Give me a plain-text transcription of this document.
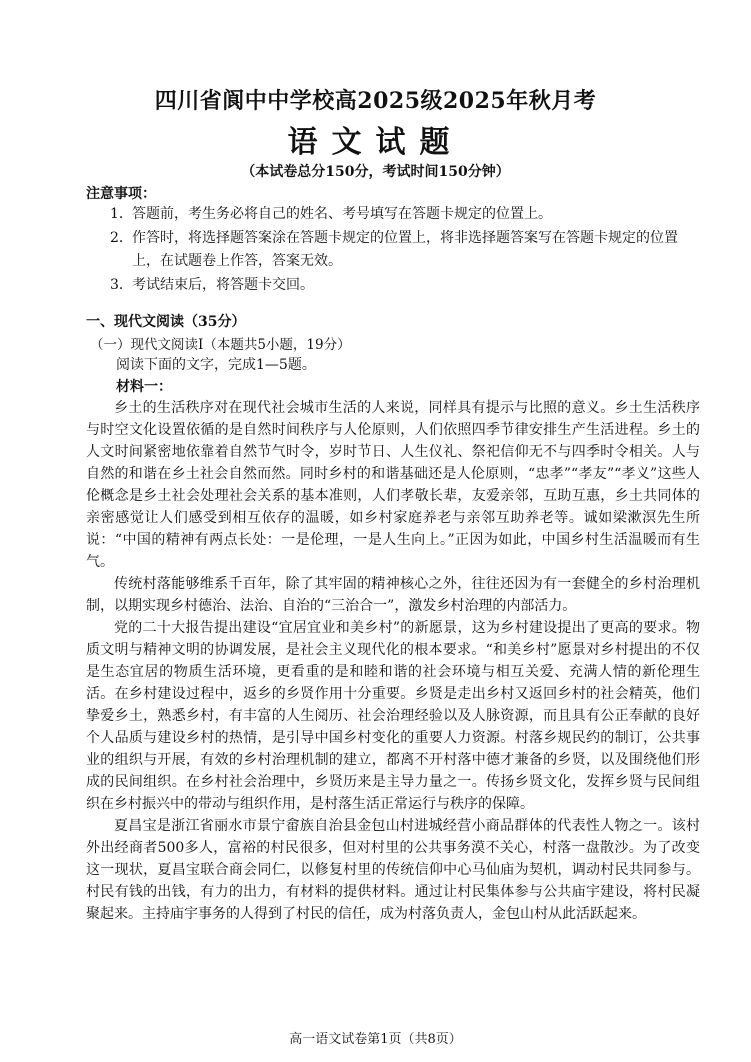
四川省阆中中学校高2025级2025年秋月考
语文试题
（本试卷总分150分，考试时间150分钟）
注意事项：
1． 答题前，考生务必将自己的姓名、考号填写在答题卡规定的位置上。
2． 作答时，将选择题答案涂在答题卡规定的位置上，将非选择题答案写在答题卡规定的位置上，在试题卷上作答，答案无效。
3． 考试结束后，将答题卡交回。
一、现代文阅读（35分）
（一）现代文阅读Ⅰ（本题共5小题，19分）
阅读下面的文字，完成1—5题。
材料一：

乡土的生活秩序对在现代社会城市生活的人来说，同样具有提示与比照的意义。乡土生活秩序与时空文化设置依循的是自然时间秩序与人伦原则，人们依照四季节律安排生产生活进程。乡土的人文时间紧密地依靠着自然节气时令，岁时节日、人生仪礼、祭祀信仰无不与四季时令相关。人与自然的和谐在乡土社会自然而然。同时乡村的和谐基础还是人伦原则，“忠孝”“孝友”“孝义”这些人伦概念是乡土社会处理社会关系的基本准则，人们孝敬长辈，友爱亲邻，互助互惠，乡土共同体的亲密感觉让人们感受到相互依存的温暖，如乡村家庭养老与亲邻互助养老等。诚如梁漱溟先生所说：“中国的精神有两点长处：一是伦理，一是人生向上。”正因为如此，中国乡村生活温暖而有生气。

传统村落能够维系千百年，除了其牢固的精神核心之外，往往还因为有一套健全的乡村治理机制，以期实现乡村德治、法治、自治的“三治合一”，激发乡村治理的内部活力。

党的二十大报告提出建设“宜居宜业和美乡村”的新愿景，这为乡村建设提出了更高的要求。物质文明与精神文明的协调发展，是社会主义现代化的根本要求。“和美乡村”愿景对乡村提出的不仅是生态宜居的物质生活环境，更看重的是和睦和谐的社会环境与相互关爱、充满人情的新伦理生活。在乡村建设过程中，返乡的乡贤作用十分重要。乡贤是走出乡村又返回乡村的社会精英，他们挚爱乡土，熟悉乡村，有丰富的人生阅历、社会治理经验以及人脉资源，而且具有公正奉献的良好个人品质与建设乡村的热情，是引导中国乡村变化的重要人力资源。村落乡规民约的制订，公共事业的组织与开展，有效的乡村治理机制的建立，都离不开村落中德才兼备的乡贤，以及围绕他们形成的民间组织。在乡村社会治理中，乡贤历来是主导力量之一。传扬乡贤文化，发挥乡贤与民间组织在乡村振兴中的带动与组织作用，是村落生活正常运行与秩序的保障。

夏昌宝是浙江省丽水市景宁畲族自治县金包山村进城经营小商品群体的代表性人物之一。该村外出经商者500多人，富裕的村民很多，但对村里的公共事务漠不关心，村落一盘散沙。为了改变这一现状，夏昌宝联合商会同仁，以修复村里的传统信仰中心马仙庙为契机，调动村民共同参与。村民有钱的出钱，有力的出力，有材料的提供材料。通过让村民集体参与公共庙宇建设，将村民凝聚起来。主持庙宇事务的人得到了村民的信任，成为村落负责人，金包山村从此活跃起来。

高一语文试卷第1页（共8页）
